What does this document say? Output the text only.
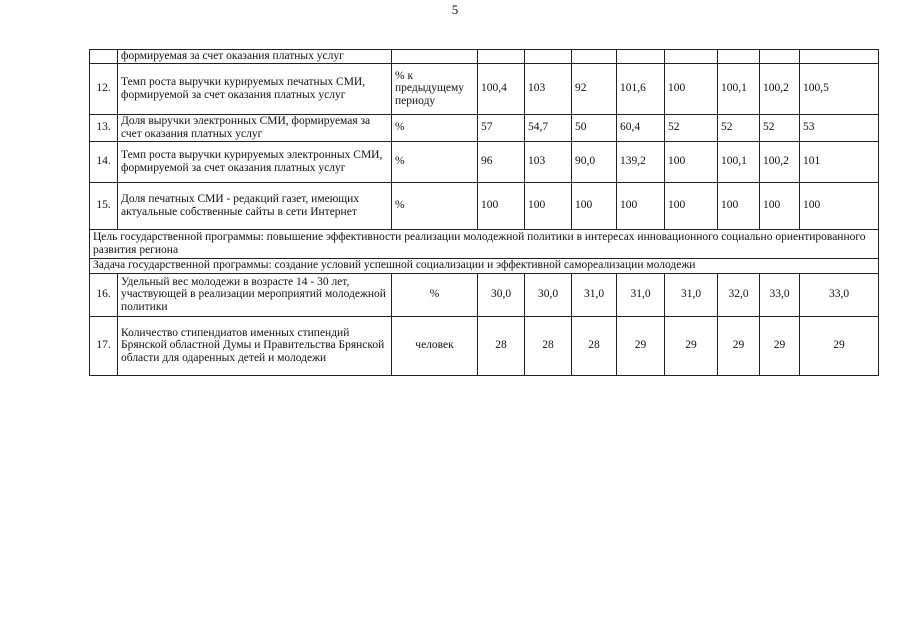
5
	формируемая за счет оказания платных услуг									
12.	Темп роста выручки курируемых печатных СМИ, формируемой за счет оказания платных услуг	% к предыдущему периоду	100,4	103	92	101,6	100	100,1	100,2	100,5
13.	Доля выручки электронных СМИ, формируемая за счет оказания платных услуг	%	57	54,7	50	60,4	52	52	52	53
14.	Темп роста выручки курируемых электронных СМИ, формируемой за счет оказания платных услуг	%	96	103	90,0	139,2	100	100,1	100,2	101
15.	Доля печатных СМИ - редакций газет, имеющих актуальные собственные сайты в сети Интернет	%	100	100	100	100	100	100	100	100
Цель государственной программы: повышение эффективности реализации молодежной политики в интересах инновационного социально ориентированного развития региона										
Задача государственной программы: создание условий успешной социализации и эффективной самореализации молодежи										
16.	Удельный вес молодежи в возрасте 14 - 30 лет, участвующей в реализации мероприятий молодежной политики	%	30,0	30,0	31,0	31,0	31,0	32,0	33,0	33,0
17.	Количество стипендиатов именных стипендий Брянской областной Думы и Правительства Брянской области для одаренных детей и молодежи	человек	28	28	28	29	29	29	29	29
